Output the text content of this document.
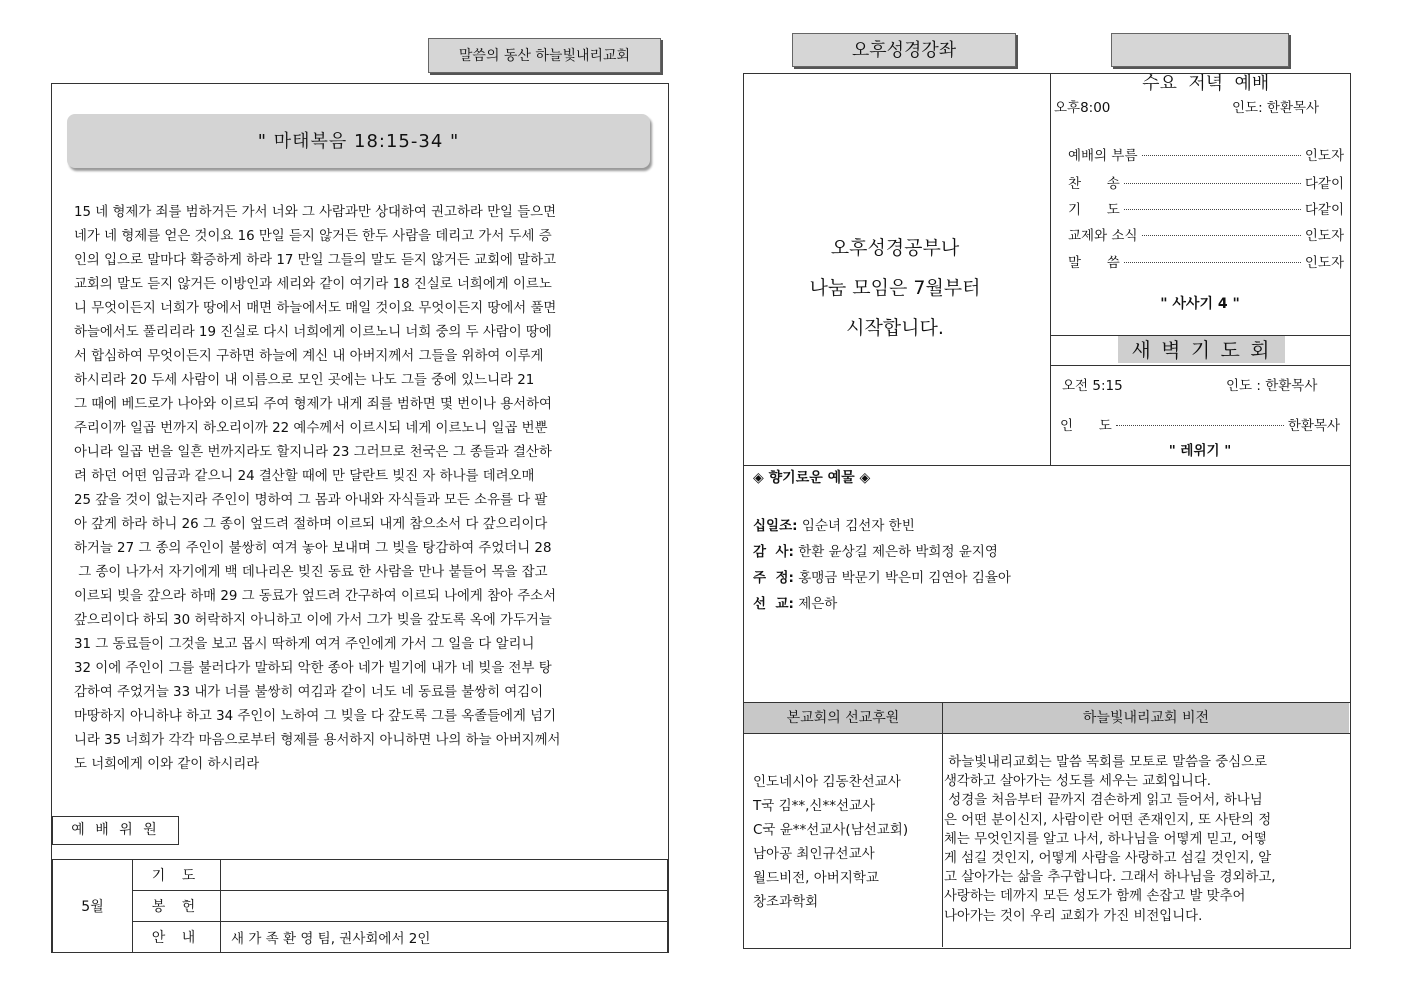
말씀의 동산 하늘빛내리교회
" 마태복음 18:15-34 "

15 네 형제가 죄를 범하거든 가서 너와 그 사람과만 상대하여 권고하라 만일 들으면

네가 네 형제를 얻은 것이요 16 만일 듣지 않거든 한두 사람을 데리고 가서 두세 증

인의 입으로 말마다 확증하게 하라 17 만일 그들의 말도 듣지 않거든 교회에 말하고

교회의 말도 듣지 않거든 이방인과 세리와 같이 여기라 18 진실로 너희에게 이르노

니 무엇이든지 너희가 땅에서 매면 하늘에서도 매일 것이요 무엇이든지 땅에서 풀면

하늘에서도 풀리리라 19 진실로 다시 너희에게 이르노니 너희 중의 두 사람이 땅에

서 합심하여 무엇이든지 구하면 하늘에 계신 내 아버지께서 그들을 위하여 이루게

하시리라 20 두세 사람이 내 이름으로 모인 곳에는 나도 그들 중에 있느니라 21

그 때에 베드로가 나아와 이르되 주여 형제가 내게 죄를 범하면 몇 번이나 용서하여

주리이까 일곱 번까지 하오리이까 22 예수께서 이르시되 네게 이르노니 일곱 번뿐

아니라 일곱 번을 일흔 번까지라도 할지니라 23 그러므로 천국은 그 종들과 결산하

려 하던 어떤 임금과 같으니 24 결산할 때에 만 달란트 빚진 자 하나를 데려오매

25 갚을 것이 없는지라 주인이 명하여 그 몸과 아내와 자식들과 모든 소유를 다 팔

아 갚게 하라 하니 26 그 종이 엎드려 절하며 이르되 내게 참으소서 다 갚으리이다

하거늘 27 그 종의 주인이 불쌍히 여겨 놓아 보내며 그 빚을 탕감하여 주었더니 28

그 종이 나가서 자기에게 백 데나리온 빚진 동료 한 사람을 만나 붙들어 목을 잡고

이르되 빚을 갚으라 하매 29 그 동료가 엎드려 간구하여 이르되 나에게 참아 주소서

갚으리이다 하되 30 허락하지 아니하고 이에 가서 그가 빚을 갚도록 옥에 가두거늘

31 그 동료들이 그것을 보고 몹시 딱하게 여겨 주인에게 가서 그 일을 다 알리니

32 이에 주인이 그를 불러다가 말하되 악한 종아 네가 빌기에 내가 네 빚을 전부 탕

감하여 주었거늘 33 내가 너를 불쌍히 여김과 같이 너도 네 동료를 불쌍히 여김이

마땅하지 아니하냐 하고 34 주인이 노하여 그 빚을 다 갚도록 그를 옥졸들에게 넘기

니라 35 너희가 각각 마음으로부터 형제를 용서하지 아니하면 나의 하늘 아버지께서

도 너희에게 이와 같이 하시리라

예 배 위 원
5월	기 도	
	봉 헌	
	안 내	새 가 족 환 영 팀, 권사회에서 2인
오후성경강좌

수요  저녁  예배

오후성경공부나
나눔 모임은 7월부터
시작합니다.
오후8:00	인도: 한환목사
예배의 부름	인도자
찬      송	다같이
기      도	다같이
교제와 소식	인도자
말      씀	인도자
" 사사기 4 "
새 벽 기 도 회
오전 5:15	인도 : 한환목사
인      도	한환목사
" 레위기 "
◈ 향기로운 예물 ◈
십일조: 임순녀 김선자 한빈
감  사: 한환 윤상길 제은하 박희정 윤지영
주  정: 홍맹금 박문기 박은미 김연아 김율아
선  교: 제은하
본교회의 선교후원	하늘빛내리교회 비전
인도네시아 김동찬선교사
T국 김**,신**선교사
C국 윤**선교사(남선교회)
남아공 최인규선교사
월드비전, 아버지학교
창조과학회
하늘빛내리교회는 말씀 목회를 모토로 말씀을 중심으로
생각하고 살아가는 성도를 세우는 교회입니다.
성경을 처음부터 끝까지 겸손하게 읽고 들어서, 하나님
은 어떤 분이신지, 사람이란 어떤 존재인지, 또 사탄의 정
체는 무엇인지를 알고 나서, 하나님을 어떻게 믿고, 어떻
게 섬길 것인지, 어떻게 사람을 사랑하고 섬길 것인지, 알
고 살아가는 삶을 추구합니다. 그래서 하나님을 경외하고,
사랑하는 데까지 모든 성도가 함께 손잡고 발 맞추어
나아가는 것이 우리 교회가 가진 비전입니다.
